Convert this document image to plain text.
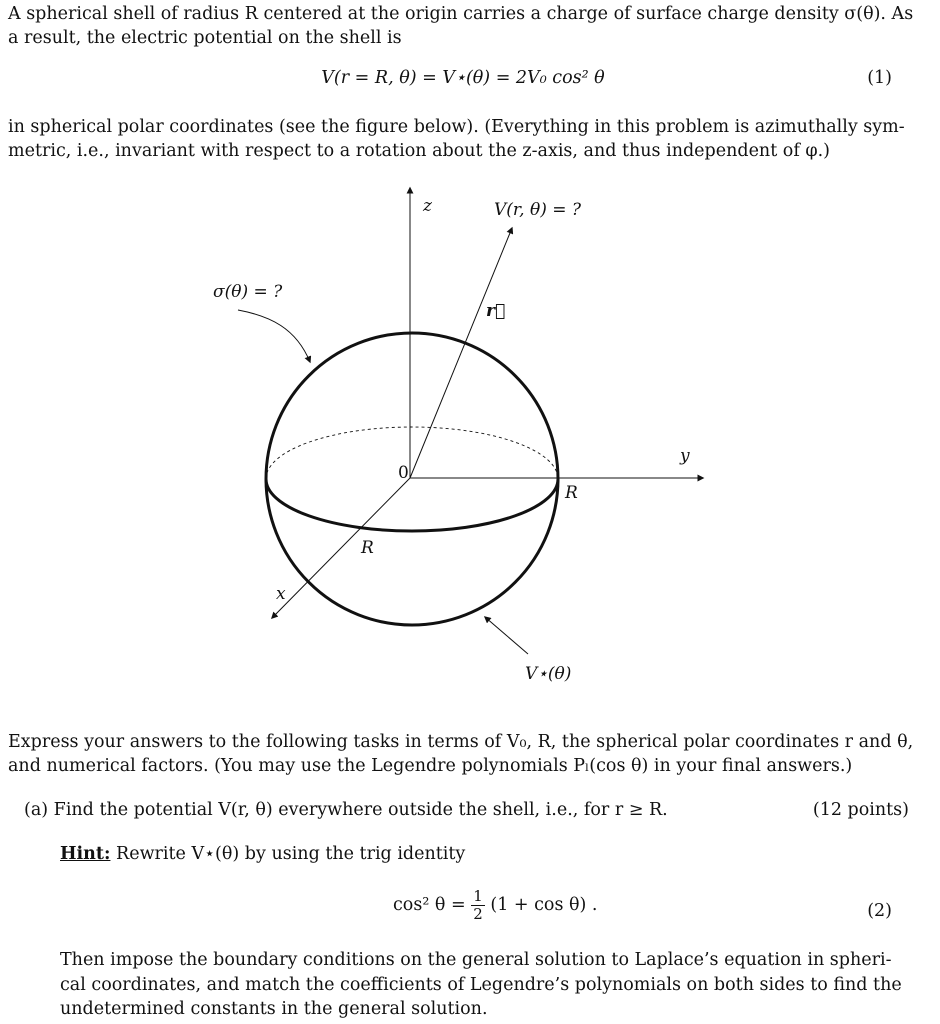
A spherical shell of radius R centered at the origin carries a charge of surface charge density σ(θ). As
a result, the electric potential on the shell is
V(r = R, θ) = V⋆(θ) = 2V₀ cos² θ	(1)
in spherical polar coordinates (see the figure below). (Everything in this problem is azimuthally sym-
metric, i.e., invariant with respect to a rotation about the z-axis, and thus independent of φ.)
z	V(r, θ) = ?
σ(θ) = ?
r⃗
y
0
R
R
x
V⋆(θ)
Express your answers to the following tasks in terms of V₀, R, the spherical polar coordinates r and θ,
and numerical factors. (You may use the Legendre polynomials Pₗ(cos θ) in your final answers.)
(a) Find the potential V(r, θ) everywhere outside the shell, i.e., for r ≥ R.	(12 points)
Hint: Rewrite V⋆(θ) by using the trig identity
cos² $\theta = \frac{1}{2} (1 + \cos \theta)$ .	(2)
Then impose the boundary conditions on the general solution to Laplace’s equation in spheri-
cal coordinates, and match the coefficients of Legendre’s polynomials on both sides to find the
undetermined constants in the general solution.
